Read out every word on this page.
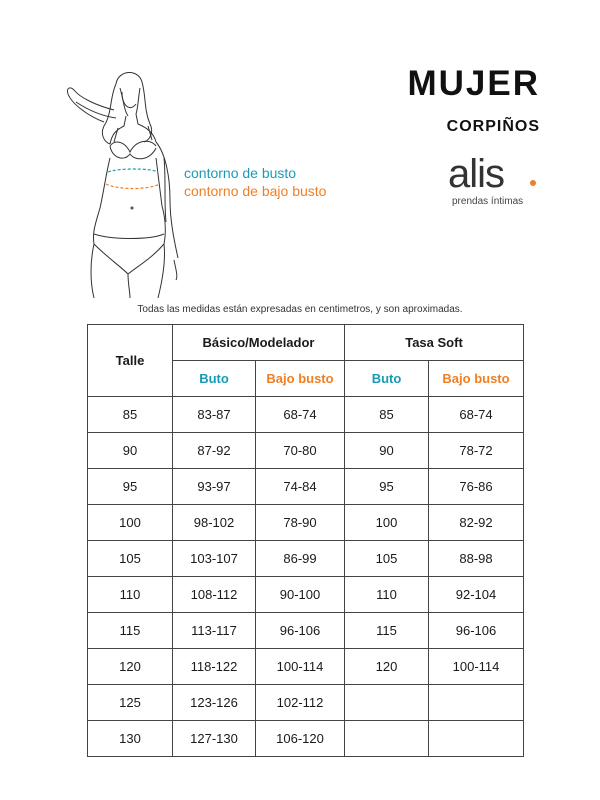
contorno de busto
contorno de bajo busto
MUJER
CORPIÑOS
alis
prendas íntimas
Todas las medidas están expresadas en centimetros, y son aproximadas.
Talle	Básico/Modelador		Tasa Soft	
	Buto	Bajo busto	Buto	Bajo busto
85	83-87	68-74	85	68-74
90	87-92	70-80	90	78-72
95	93-97	74-84	95	76-86
100	98-102	78-90	100	82-92
105	103-107	86-99	105	88-98
110	108-112	90-100	110	92-104
115	113-117	96-106	115	96-106
120	118-122	100-114	120	100-114
125	123-126	102-112		
130	127-130	106-120		
